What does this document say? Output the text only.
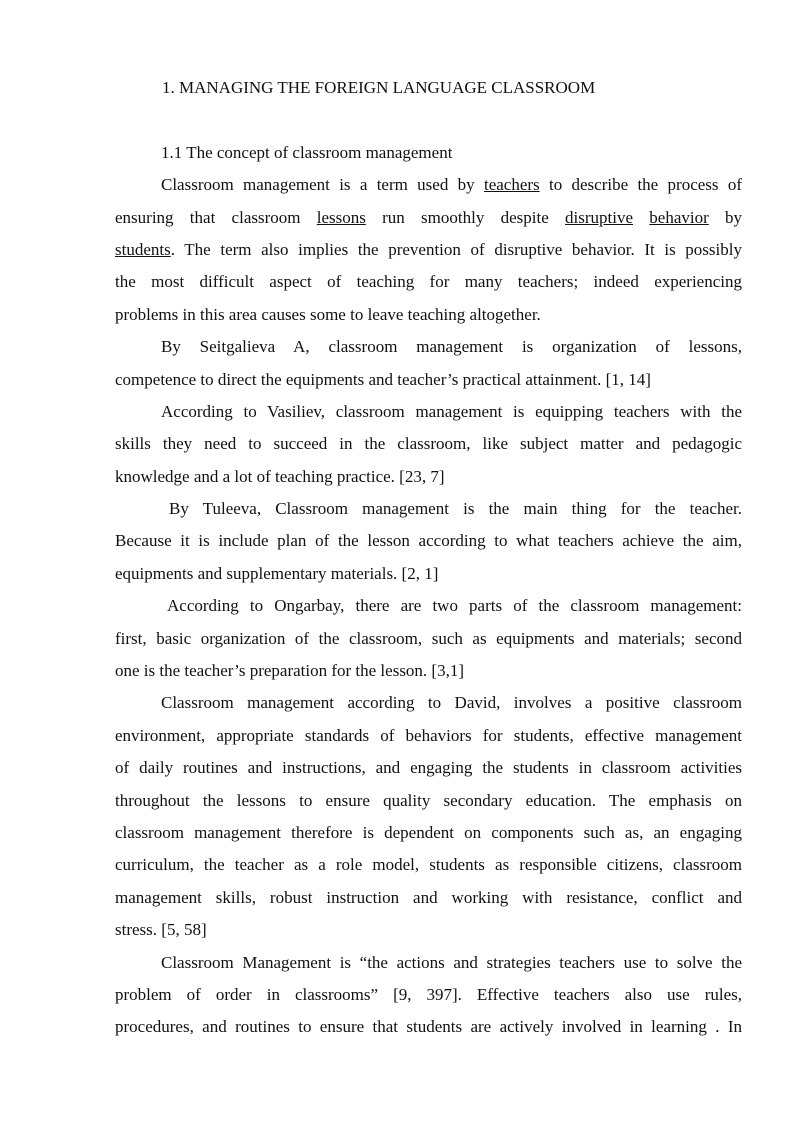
1. MANAGING THE FOREIGN LANGUAGE CLASSROOM
1.1 The concept of classroom management
Classroom management is a term used by teachers to describe the process of
ensuring that classroom lessons run smoothly despite disruptive behavior by
students. The term also implies the prevention of disruptive behavior. It is possibly
the most difficult aspect of teaching for many teachers; indeed experiencing
problems in this area causes some to leave teaching altogether.
By Seitgalieva A, classroom management is organization of lessons,
competence to direct the equipments and teacher’s practical attainment. [1, 14]
According to Vasiliev, classroom management is equipping teachers with the
skills they need to succeed in the classroom, like subject matter and pedagogic
knowledge and a lot of teaching practice. [23, 7]
By Tuleeva, Classroom management is the main thing for the teacher.
Because it is include plan of the lesson according to what teachers achieve the aim,
equipments and supplementary materials. [2, 1]
According to Ongarbay, there are two parts of the classroom management:
first, basic organization of the classroom, such as equipments and materials; second
one is the teacher’s preparation for the lesson. [3,1]
Classroom management according to David, involves a positive classroom
environment, appropriate standards of behaviors for students, effective management
of daily routines and instructions, and engaging the students in classroom activities
throughout the lessons to ensure quality secondary education. The emphasis on
classroom management therefore is dependent on components such as, an engaging
curriculum, the teacher as a role model, students as responsible citizens, classroom
management skills, robust instruction and working with resistance, conflict and
stress. [5, 58]
Classroom Management is “the actions and strategies teachers use to solve the
problem of order in classrooms” [9, 397]. Effective teachers also use rules,
procedures, and routines to ensure that students are actively involved in learning . In
